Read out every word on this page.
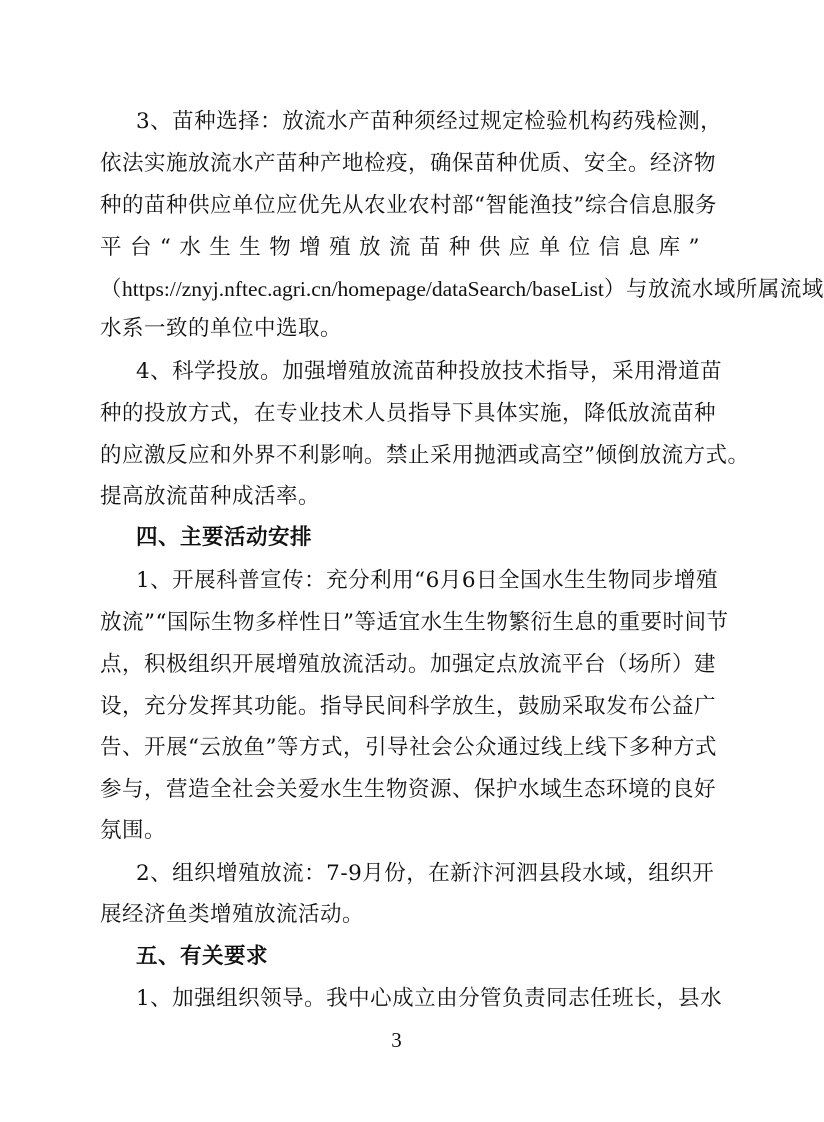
3、苗种选择：放流水产苗种须经过规定检验机构药残检测，
依法实施放流水产苗种产地检疫，确保苗种优质、安全。经济物
种的苗种供应单位应优先从农业农村部“智能渔技”综合信息服务
平台“水生生物增殖放流苗种供应单位信息库”
（https://znyj.nftec.agri.cn/homepage/dataSearch/baseList）与放流水域所属流域
水系一致的单位中选取。
4、科学投放。加强增殖放流苗种投放技术指导，采用滑道苗
种的投放方式，在专业技术人员指导下具体实施，降低放流苗种
的应激反应和外界不利影响。禁止采用抛洒或高空”倾倒放流方式。
提高放流苗种成活率。
四、主要活动安排
1、开展科普宣传：充分利用“6月6日全国水生生物同步增殖
放流”“国际生物多样性日”等适宜水生生物繁衍生息的重要时间节
点，积极组织开展增殖放流活动。加强定点放流平台（场所）建
设，充分发挥其功能。指导民间科学放生，鼓励采取发布公益广
告、开展“云放鱼”等方式，引导社会公众通过线上线下多种方式
参与，营造全社会关爱水生生物资源、保护水域生态环境的良好
氛围。
2、组织增殖放流：7-9月份，在新汴河泗县段水域，组织开
展经济鱼类增殖放流活动。
五、有关要求
1、加强组织领导。我中心成立由分管负责同志任班长，县水
3
